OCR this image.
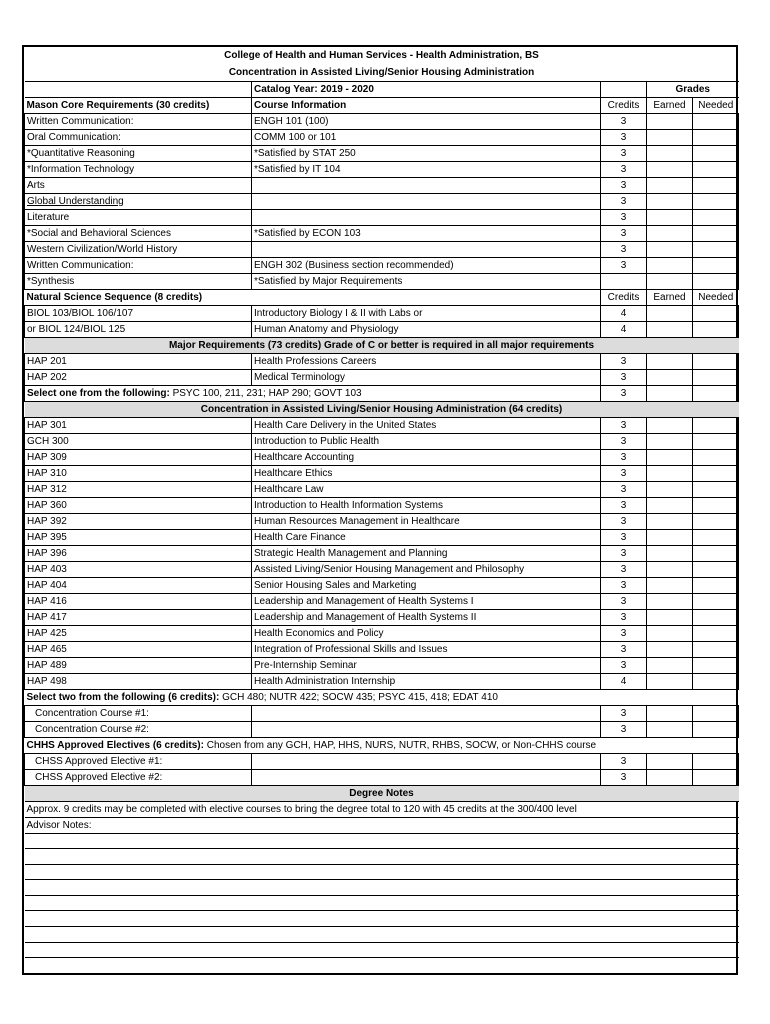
College of Health and Human Services - Health Administration, BS				
Concentration in Assisted Living/Senior Housing Administration				
	Catalog Year: 2019 - 2020		Grades	
Mason Core Requirements (30 credits)	Course Information	Credits	Earned	Needed
Written Communication:	ENGH 101 (100)	3		
Oral Communication:	COMM 100 or 101	3		
*Quantitative Reasoning	*Satisfied by STAT 250	3		
*Information Technology	*Satisfied by IT 104	3		
Arts		3		
Global Understanding		3		
Literature		3		
*Social and Behavioral Sciences	*Satisfied by ECON 103	3		
Western Civilization/World History		3		
Written Communication:	ENGH 302 (Business section recommended)	3		
*Synthesis	*Satisfied by Major Requirements			
Natural Science Sequence (8 credits)		Credits	Earned	Needed
BIOL 103/BIOL 106/107	Introductory Biology I & II with Labs or	4		
or BIOL 124/BIOL 125	Human Anatomy and Physiology	4		
Major Requirements (73 credits) Grade of C or better is required in all major requirements				
HAP 201	Health Professions Careers	3		
HAP 202	Medical Terminology	3		
Select one from the following: PSYC 100, 211, 231; HAP 290; GOVT 103		3		
Concentration in Assisted Living/Senior Housing Administration (64 credits)				
HAP 301	Health Care Delivery in the United States	3		
GCH 300	Introduction to Public Health	3		
HAP 309	Healthcare Accounting	3		
HAP 310	Healthcare Ethics	3		
HAP 312	Healthcare Law	3		
HAP 360	Introduction to Health Information Systems	3		
HAP 392	Human Resources Management in Healthcare	3		
HAP 395	Health Care Finance	3		
HAP 396	Strategic Health Management and Planning	3		
HAP 403	Assisted Living/Senior Housing Management and Philosophy	3		
HAP 404	Senior Housing Sales and Marketing	3		
HAP 416	Leadership and Management of Health Systems I	3		
HAP 417	Leadership and Management of Health Systems II	3		
HAP 425	Health Economics and Policy	3		
HAP 465	Integration of Professional Skills and Issues	3		
HAP 489	Pre-Internship Seminar	3		
HAP 498	Health Administration Internship	4		
Select two from the following (6 credits): GCH 480; NUTR 422; SOCW 435; PSYC 415, 418; EDAT 410				
Concentration Course #1:		3		
Concentration Course #2:		3		
CHHS Approved Electives (6 credits): Chosen from any GCH, HAP, HHS, NURS, NUTR, RHBS, SOCW, or Non-CHHS course				
CHSS Approved Elective #1:		3		
CHSS Approved Elective #2:		3		
Degree Notes				
Approx. 9 credits may be completed with elective courses to bring the degree total to 120 with 45 credits at the 300/400 level				
Advisor Notes:				
